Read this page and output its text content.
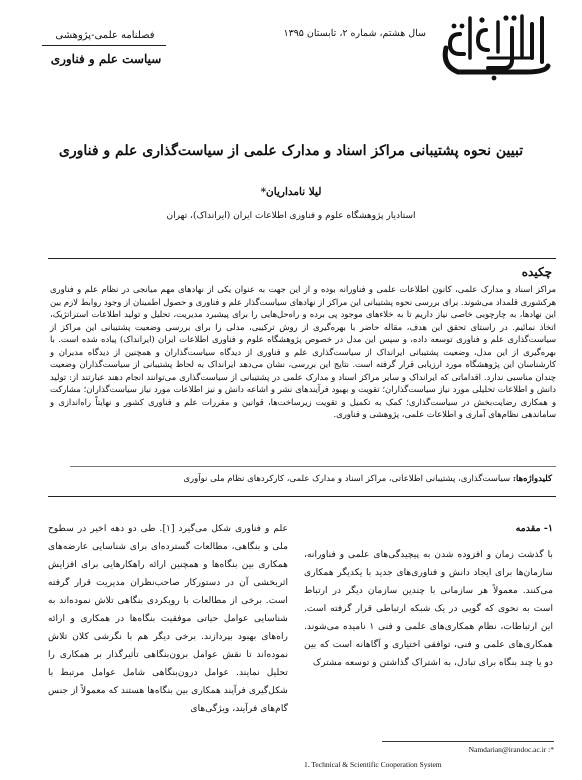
فصلنامه علمی-پژوهشی
سیاست علم و فناوری
سال هشتم، شماره ۲، تابستان ۱۳۹۵
تبیین نحوه پشتیبانی مراکز اسناد و مدارک علمی از سیاست‌گذاری علم و فناوری
لیلا نامداریان*
استادیار پژوهشگاه علوم و فناوری اطلاعات ایران (ایرانداک)، تهران
چکیده
مراکز اسناد و مدارک علمی، کانون اطلاعات علمی و فناورانه بوده و از این جهت به عنوان یکی از نهادهای مهم میانجی در نظام علم و فناوری هرکشوری قلمداد می‌شوند. برای بررسی نحوه پشتیبانی این مراکز از نهادهای سیاست‌گذار علم و فناوری و حصول اطمینان از وجود روابط لازم بین این نهادها، به چارچوبی خاصی نیاز داریم تا به خلاءهای موجود پی برده و راه‌حل‌هایی را برای پیشبرد مدیریت، تحلیل و تولید اطلاعات استراتژیک، اتخاذ نمائیم. در راستای تحقق این هدف، مقاله حاضر با بهره‌گیری از روش ترکیبی، مدلی را برای بررسی وضعیت پشتیبانی این مراکز از سیاست‌گذاری علم و فناوری توسعه داده، و سپس این مدل در خصوص پژوهشگاه علوم و فناوری اطلاعات ایران (ایرانداک) پیاده شده است. با بهره‌گیری از این مدل، وضعیت پشتیبانی ایرانداک از سیاست‌گذاری علم و فناوری از دیدگاه سیاست‌گذاران و همچنین از دیدگاه مدیران و کارشناسان این پژوهشگاه مورد ارزیابی قرار گرفته است. نتایج این بررسی، نشان می‌دهد ایرانداک به لحاظ پشتیبانی از سیاست‌گذاران وضعیت چندان مناسبی ندارد. اقداماتی که ایرانداک و سایر مراکز اسناد و مدارک علمی در پشتیبانی از سیاست‌گذاری می‌توانند انجام دهند عبارتند از: تولید دانش و اطلاعات تحلیلی مورد نیاز سیاست‌گذاران؛ تقویت و بهبود فرآیندهای نشر و اشاعه دانش و نیز اطلاعات مورد نیاز سیاست‌گذاران؛ مشارکت و همکاری رضایت‌بخش در سیاست‌گذاری؛ کمک به تکمیل و تقویت زیرساخت‌ها، قوانین و مقررات علم و فناوری کشور و نهایتاً راه‌اندازی و ساماندهی نظام‌های آماری و اطلاعات علمی، پژوهشی و فناوری.
کلیدواژه‌ها: سیاست‌گذاری، پشتیبانی اطلاعاتی، مراکز اسناد و مدارک علمی، کارکردهای نظام ملی نوآوری
۱- مقدمه
با گذشت زمان و افزوده شدن به پیچیدگی‌های علمی و فناورانه، سازمان‌ها برای ایجاد دانش و فناوری‌های جدید با یکدیگر همکاری می‌کنند. معمولاً هر سازمانی با چندین سازمان دیگر در ارتباط است به نحوی که گویی در یک شبکه ارتباطی قرار گرفته است. این ارتباطات، نظام همکاری‌های علمی و فنی ۱ نامیده می‌شوند. همکاری‌های علمی و فنی، توافقی اختیاری و آگاهانه است که بین دو یا چند بنگاه برای تبادل، به اشتراک گذاشتن و توسعه مشترک
علم و فناوری شکل می‌گیرد [۱]. طی دو دهه اخیر در سطوح ملی و بنگاهی، مطالعات گسترده‌ای برای شناسایی عارضه‌های همکاری بین بنگاه‌ها و همچنین ارائه راهکارهایی برای افزایش اثربخشی آن در دستورکار صاحب‌نظران مدیریت قرار گرفته است. برخی از مطالعات با رویکردی بنگاهی تلاش نموده‌اند به شناسایی عوامل حیاتی موفقیت بنگاه‌ها در همکاری و ارائه راه‌های بهبود بپردازند. برخی دیگر هم با نگرشی کلان تلاش نموده‌اند تا نقش عوامل برون‌بنگاهی تأثیرگذار بر همکاری را تحلیل نمایند. عوامل درون‌بنگاهی شامل عوامل مرتبط با شکل‌گیری فرآیند همکاری بین بنگاه‌ها هستند که معمولاً از جنس گام‌های فرآیند، ویژگی‌های
Namdarian@irandoc.ac.ir :*
1. Technical & Scientific Cooperation System
